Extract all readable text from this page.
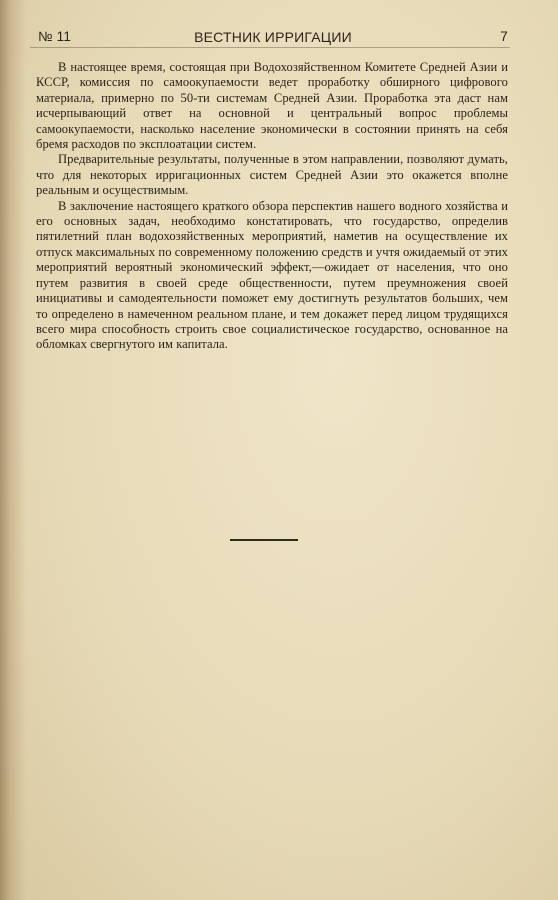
№ 11	ВЕСТНИК ИРРИГАЦИИ	7

В настоящее время, состоящая при Водохозяйственном Комитете Средней Азии и КССР, комиссия по самоокупаемости ведет проработку обширного цифрового материала, примерно по 50-ти системам Средней Азии. Проработка эта даст нам исчерпывающий ответ на основной и центральный вопрос проблемы самоокупаемости, насколько население экономически в состоянии принять на себя бремя расходов по эксплоатации систем.

Предварительные результаты, полученные в этом направлении, позволяют думать, что для некоторых ирригационных систем Средней Азии это окажется вполне реальным и осуществимым.

В заключение настоящего краткого обзора перспектив нашего водного хозяйства и его основных задач, необходимо констатировать, что государство, определив пятилетний план водохозяйственных мероприятий, наметив на осуществление их отпуск максимальных по современному положению средств и учтя ожидаемый от этих мероприятий вероятный экономический эффект,—ожидает от населения, что оно путем развития в своей среде общественности, путем преумножения своей инициативы и самодеятельности поможет ему достигнуть результатов больших, чем то определено в намеченном реальном плане, и тем докажет перед лицом трудящихся всего мира способность строить свое социалистическое государство, основанное на обломках свергнутого им капитала.
